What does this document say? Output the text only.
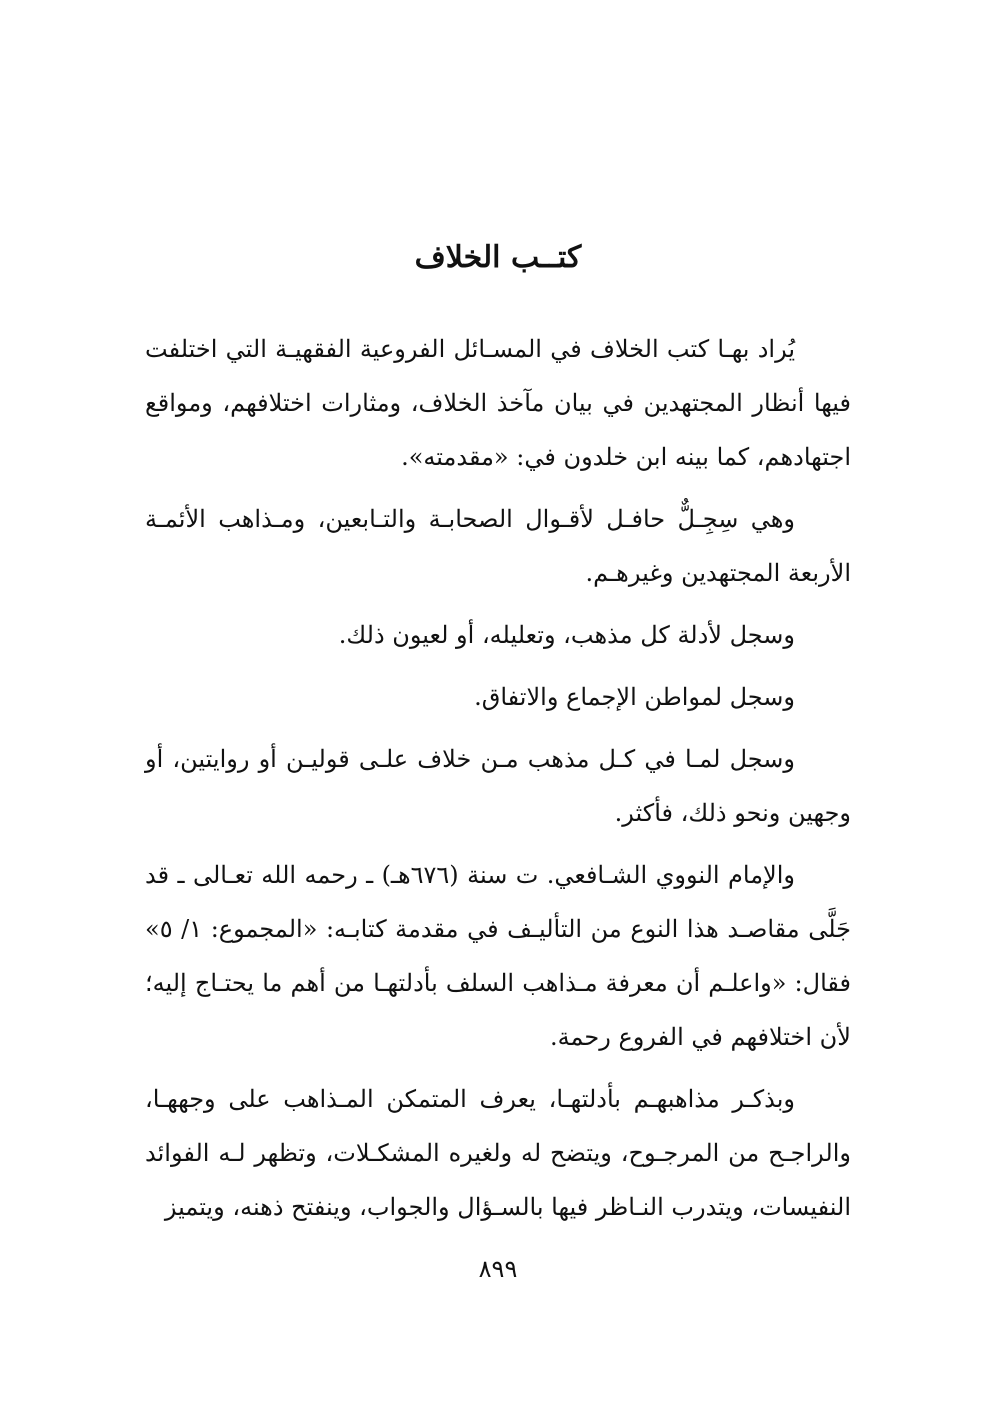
كتــب الخلاف

يُراد بهـا كتب الخلاف في المسـائل الفروعية الفقهيـة التي اختلفت فيها أنظار المجتهدين في بيان مآخذ الخلاف، ومثارات اختلافهم، ومواقع اجتهادهم، كما بينه ابن خلدون في: «مقدمته».

وهي سِجِـلٌّ حافـل لأقـوال الصحابـة والتـابعين، ومـذاهب الأئمـة الأربعة المجتهدين وغيرهـم.

وسجل لأدلة كل مذهب، وتعليله، أو لعيون ذلك.

وسجل لمواطن الإجماع والاتفاق.

وسجل لمـا في كـل مذهب مـن خلاف علـى قوليـن أو روايتين، أو وجهين ونحو ذلك، فأكثر.

والإمام النووي الشـافعي. ت سنة (٦٧٦هـ) ـ رحمه الله تعـالى ـ قد جَلَّى مقاصـد هذا النوع من التأليـف في مقدمة كتابـه: «المجموع: ١/ ٥» فقال: «واعلـم أن معرفة مـذاهب السلف بأدلتهـا من أهم ما يحتـاج إليه؛ لأن اختلافهم في الفروع رحمة.

وبذكـر مذاهبهـم بأدلتهـا، يعرف المتمكن المـذاهب على وجههـا، والراجـح من المرجـوح، ويتضح له ولغيره المشكـلات، وتظهر لـه الفوائد النفيسات، ويتدرب النـاظر فيها بالسـؤال والجواب، وينفتح ذهنه، ويتميز

٨٩٩
